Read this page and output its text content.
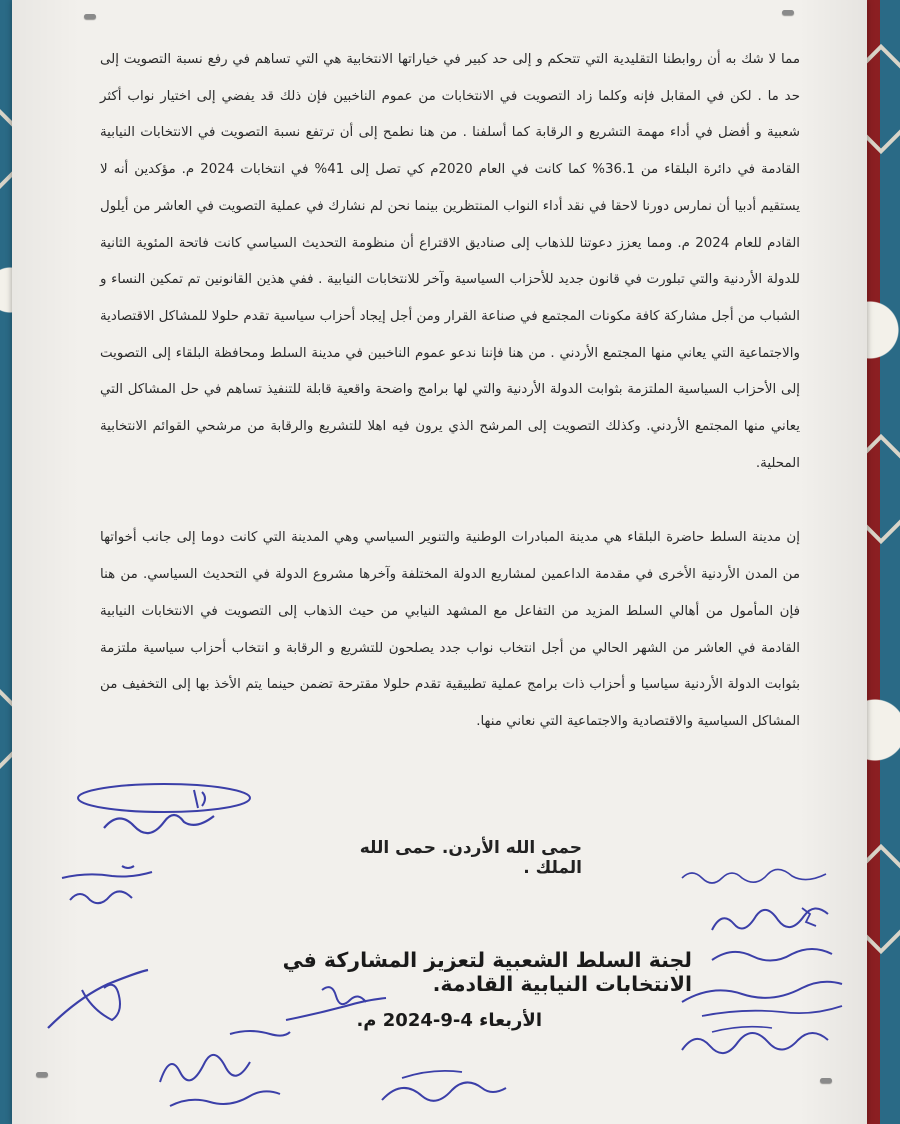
مما لا شك به أن روابطنا التقليدية التي تتحكم و إلى حد كبير في خياراتها الانتخابية هي التي تساهم في رفع نسبة التصويت إلى حد ما . لكن في المقابل فإنه وكلما زاد التصويت في الانتخابات من عموم الناخبين فإن ذلك قد يفضي إلى اختيار نواب أكثر شعبية و أفضل في أداء مهمة التشريع و الرقابة كما أسلفنا . من هنا نطمح إلى أن ترتفع نسبة التصويت في الانتخابات النيابية القادمة في دائرة البلقاء من 36.1% كما كانت في العام 2020م كي تصل إلى 41% في انتخابات 2024 م. مؤكدين أنه لا يستقيم أدبيا أن نمارس دورنا لاحقا في نقد أداء النواب المنتظرين بينما نحن لم نشارك في عملية التصويت في العاشر من أيلول القادم للعام 2024 م. ومما يعزز دعوتنا للذهاب إلى صناديق الاقتراع أن منظومة التحديث السياسي كانت فاتحة المئوية الثانية للدولة الأردنية والتي تبلورت في قانون جديد للأحزاب السياسية وآخر للانتخابات النيابية . ففي هذين القانونين تم تمكين النساء و الشباب من أجل مشاركة كافة مكونات المجتمع في صناعة القرار ومن أجل إيجاد أحزاب سياسية تقدم حلولا للمشاكل الاقتصادية والاجتماعية التي يعاني منها المجتمع الأردني . من هنا فإننا ندعو عموم الناخبين في مدينة السلط ومحافظة البلقاء إلى التصويت إلى الأحزاب السياسية الملتزمة بثوابت الدولة الأردنية والتي لها برامج واضحة واقعية قابلة للتنفيذ تساهم في حل المشاكل التي يعاني منها المجتمع الأردني. وكذلك التصويت إلى المرشح الذي يرون فيه اهلا للتشريع والرقابة من مرشحي القوائم الانتخابية المحلية.

إن مدينة السلط حاضرة البلقاء هي مدينة المبادرات الوطنية والتنوير السياسي وهي المدينة التي كانت دوما إلى جانب أخواتها من المدن الأردنية الأخرى في مقدمة الداعمين لمشاريع الدولة المختلفة وآخرها مشروع الدولة في التحديث السياسي. من هنا فإن المأمول من أهالي السلط المزيد من التفاعل مع المشهد النيابي من حيث الذهاب إلى التصويت في الانتخابات النيابية القادمة في العاشر من الشهر الحالي من أجل انتخاب نواب جدد يصلحون للتشريع و الرقابة و انتخاب أحزاب سياسية ملتزمة بثوابت الدولة الأردنية سياسيا و أحزاب ذات برامج عملية تطبيقية تقدم حلولا مقترحة تضمن حينما يتم الأخذ بها إلى التخفيف من المشاكل السياسية والاقتصادية والاجتماعية التي نعاني منها.

حمى الله الأردن. حمى الله الملك .
لجنة السلط الشعبية لتعزيز المشاركة في الانتخابات النيابية القادمة.
الأربعاء 4-9-2024 م.
